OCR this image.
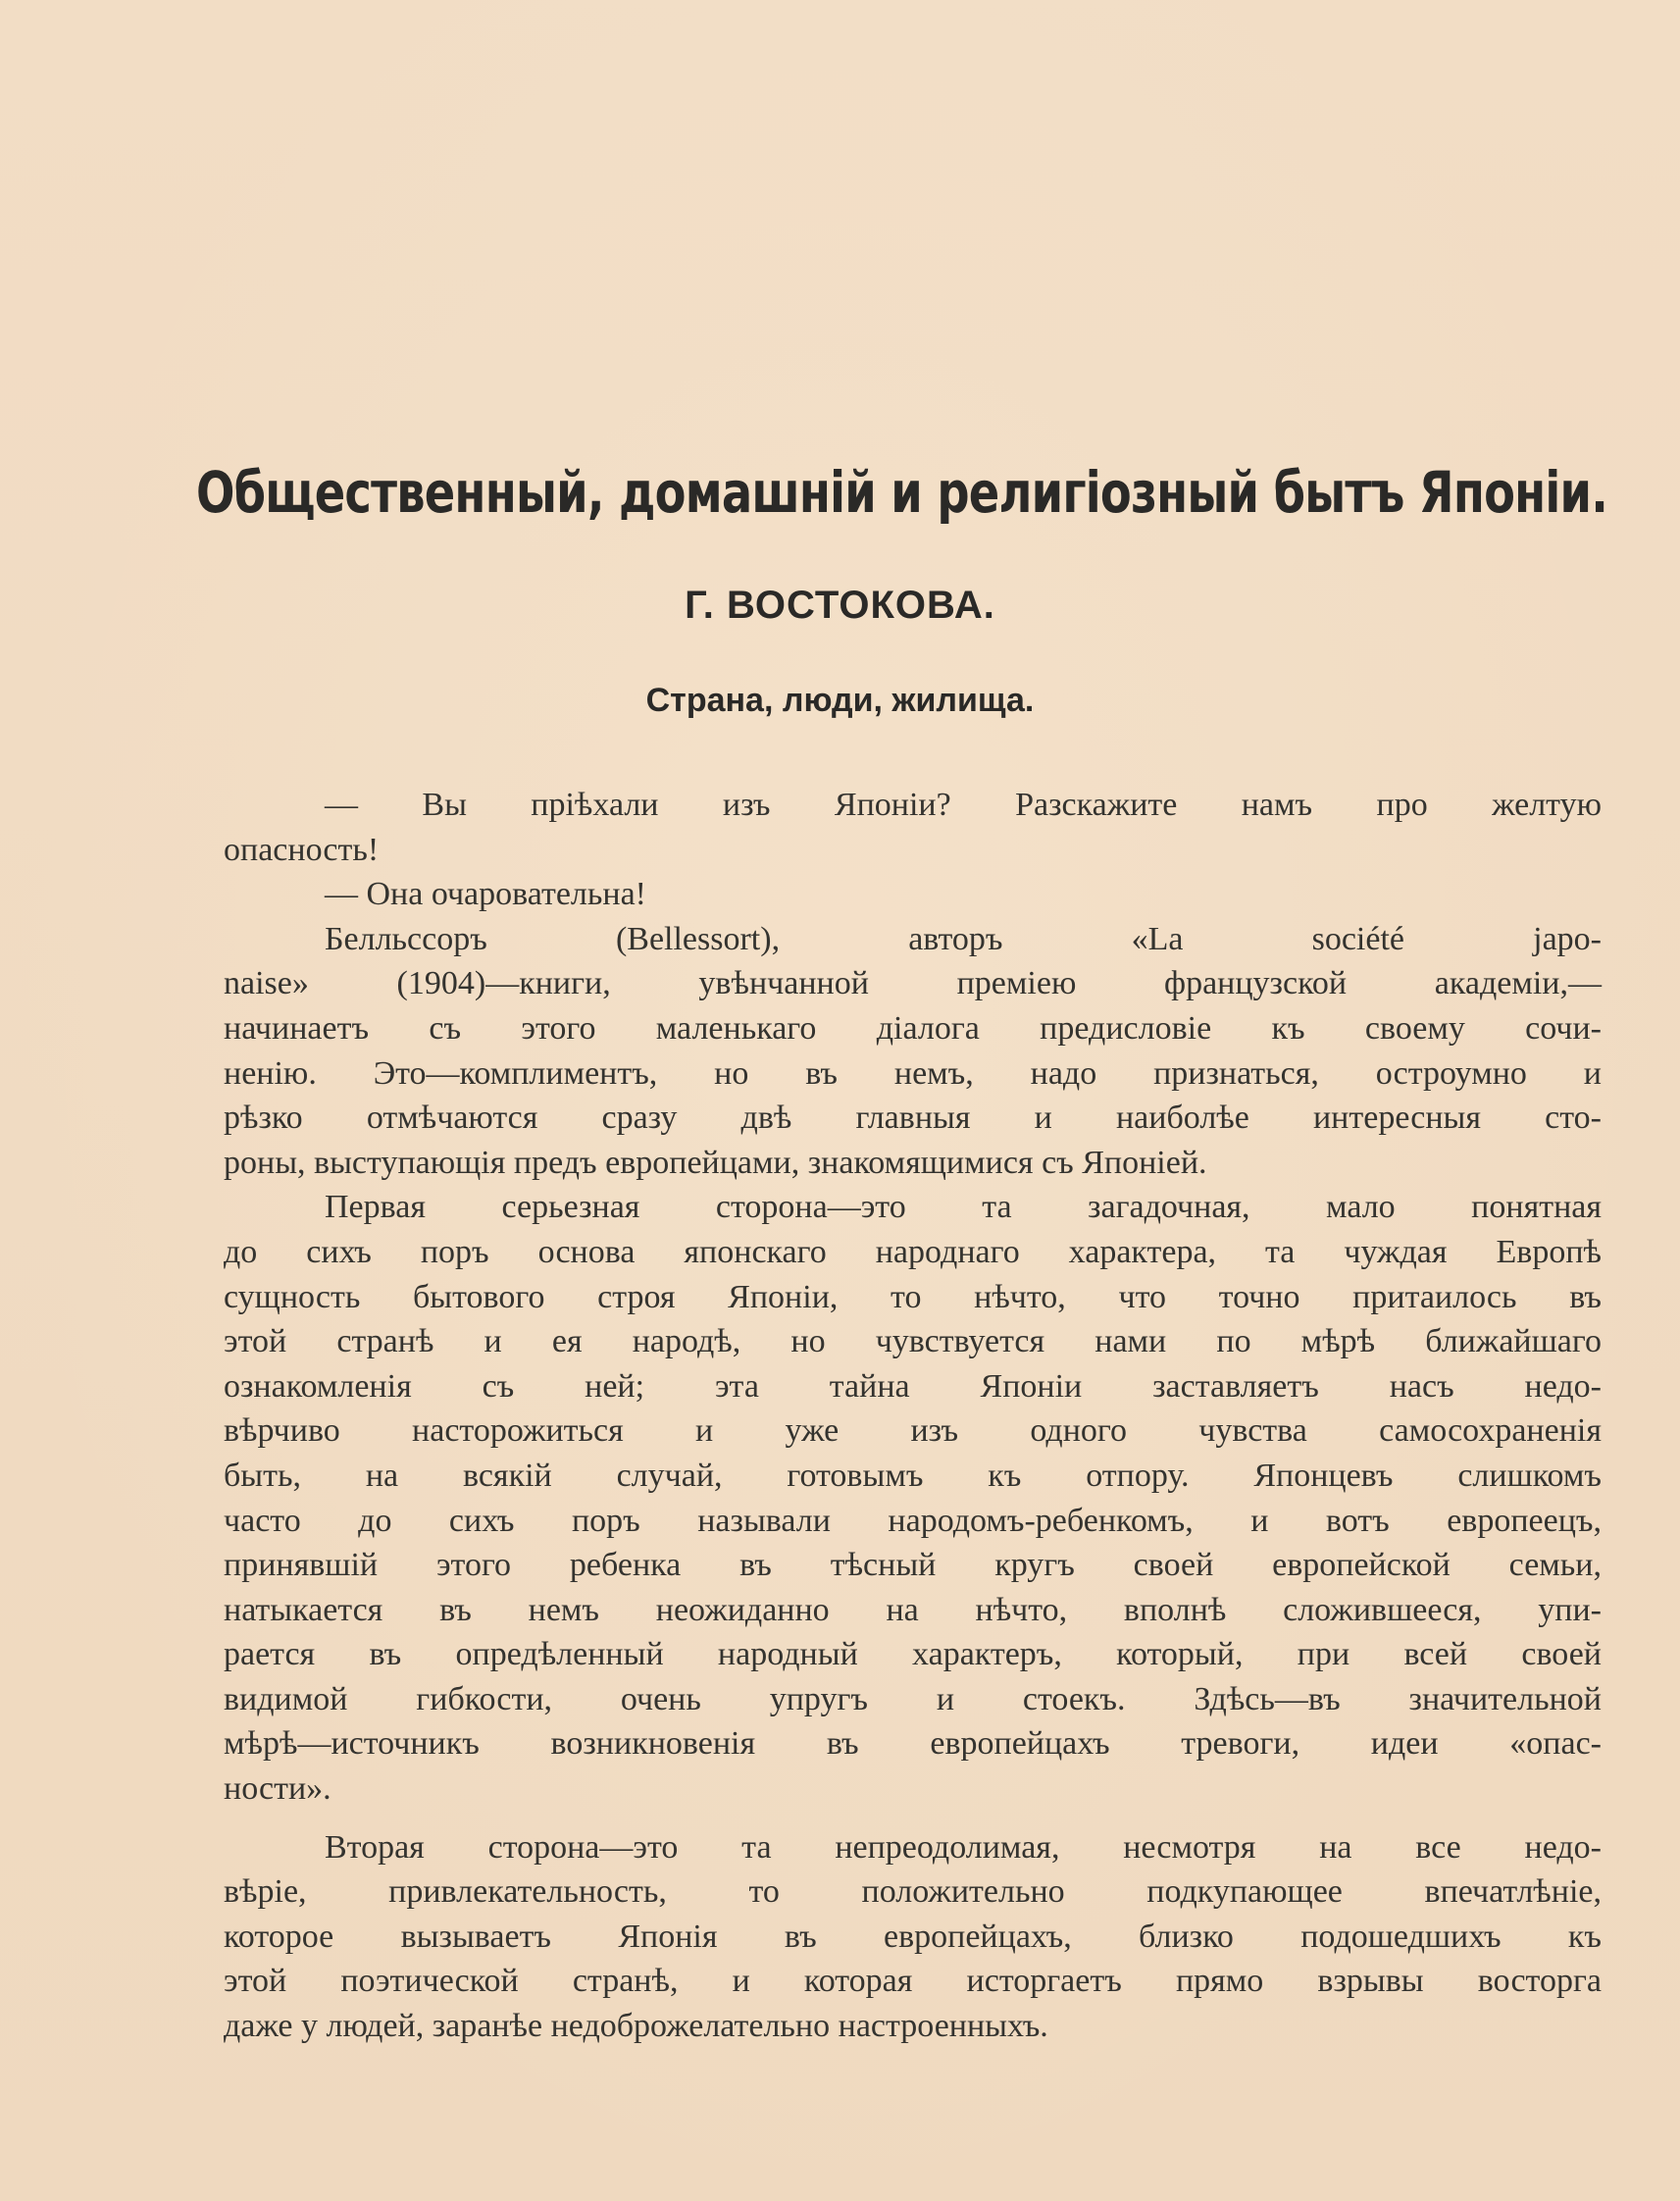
Общественный, домашній и религіозный бытъ Японіи.
Г. ВОСТОКОВА.
Страна, люди, жилища.
— Вы пріѣхали изъ Японіи? Разскажите намъ про желтую
опасность!
— Она очаровательна!
Белльссоръ (Bellessort), авторъ «La société japo-
naise» (1904)—книги, увѣнчанной преміею французской академіи,—
начинаетъ съ этого маленькаго діалога предисловіе къ своему сочи-
ненію. Это—комплиментъ, но въ немъ, надо признаться, остроумно и
рѣзко отмѣчаются сразу двѣ главныя и наиболѣе интересныя сто-
роны, выступающія предъ европейцами, знакомящимися съ Японіей.
Первая серьезная сторона—это та загадочная, мало понятная
до сихъ поръ основа японскаго народнаго характера, та чуждая Европѣ
сущность бытового строя Японіи, то нѣчто, что точно притаилось въ
этой странѣ и ея народѣ, но чувствуется нами по мѣрѣ ближайшаго
ознакомленія съ ней; эта тайна Японіи заставляетъ насъ недо-
вѣрчиво насторожиться и уже изъ одного чувства самосохраненія
быть, на всякій случай, готовымъ къ отпору. Японцевъ слишкомъ
часто до сихъ поръ называли народомъ-ребенкомъ, и вотъ европеецъ,
принявшій этого ребенка въ тѣсный кругъ своей европейской семьи,
натыкается въ немъ неожиданно на нѣчто, вполнѣ сложившееся, упи-
рается въ опредѣленный народный характеръ, который, при всей своей
видимой гибкости, очень упругъ и стоекъ. Здѣсь—въ значительной
мѣрѣ—источникъ возникновенія въ европейцахъ тревоги, идеи «опас-
ности».
Вторая сторона—это та непреодолимая, несмотря на все недо-
вѣріе, привлекательность, то положительно подкупающее впечатлѣніе,
которое вызываетъ Японія въ европейцахъ, близко подошедшихъ къ
этой поэтической странѣ, и которая исторгаетъ прямо взрывы восторга
даже у людей, заранѣе недоброжелательно настроенныхъ.
